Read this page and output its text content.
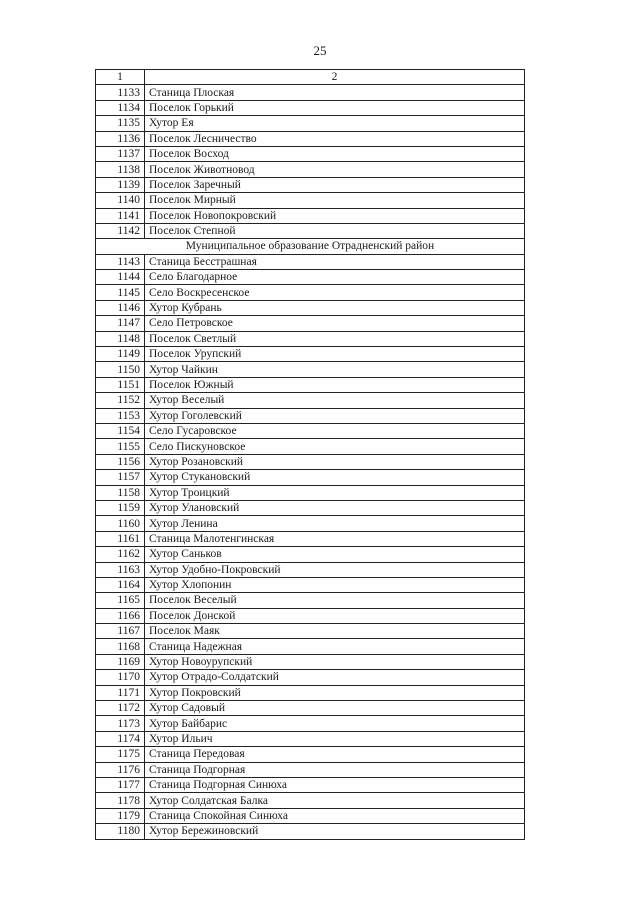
25
1	2
1133	Станица Плоская
1134	Поселок Горький
1135	Хутор Ея
1136	Поселок Лесничество
1137	Поселок Восход
1138	Поселок Животновод
1139	Поселок Заречный
1140	Поселок Мирный
1141	Поселок Новопокровский
1142	Поселок Степной
Муниципальное образование Отрадненский район	
1143	Станица Бесстрашная
1144	Село Благодарное
1145	Село Воскресенское
1146	Хутор Кубрань
1147	Село Петровское
1148	Поселок Светлый
1149	Поселок Урупский
1150	Хутор Чайкин
1151	Поселок Южный
1152	Хутор Веселый
1153	Хутор Гоголевский
1154	Село Гусаровское
1155	Село Пискуновское
1156	Хутор Розановский
1157	Хутор Стукановский
1158	Хутор Троицкий
1159	Хутор Улановский
1160	Хутор Ленина
1161	Станица Малотенгинская
1162	Хутор Саньков
1163	Хутор Удобно-Покровский
1164	Хутор Хлопонин
1165	Поселок Веселый
1166	Поселок Донской
1167	Поселок Маяк
1168	Станица Надежная
1169	Хутор Новоурупский
1170	Хутор Отрадо-Солдатский
1171	Хутор Покровский
1172	Хутор Садовый
1173	Хутор Байбарис
1174	Хутор Ильич
1175	Станица Передовая
1176	Станица Подгорная
1177	Станица Подгорная Синюха
1178	Хутор Солдатская Балка
1179	Станица Спокойная Синюха
1180	Хутор Бережиновский
